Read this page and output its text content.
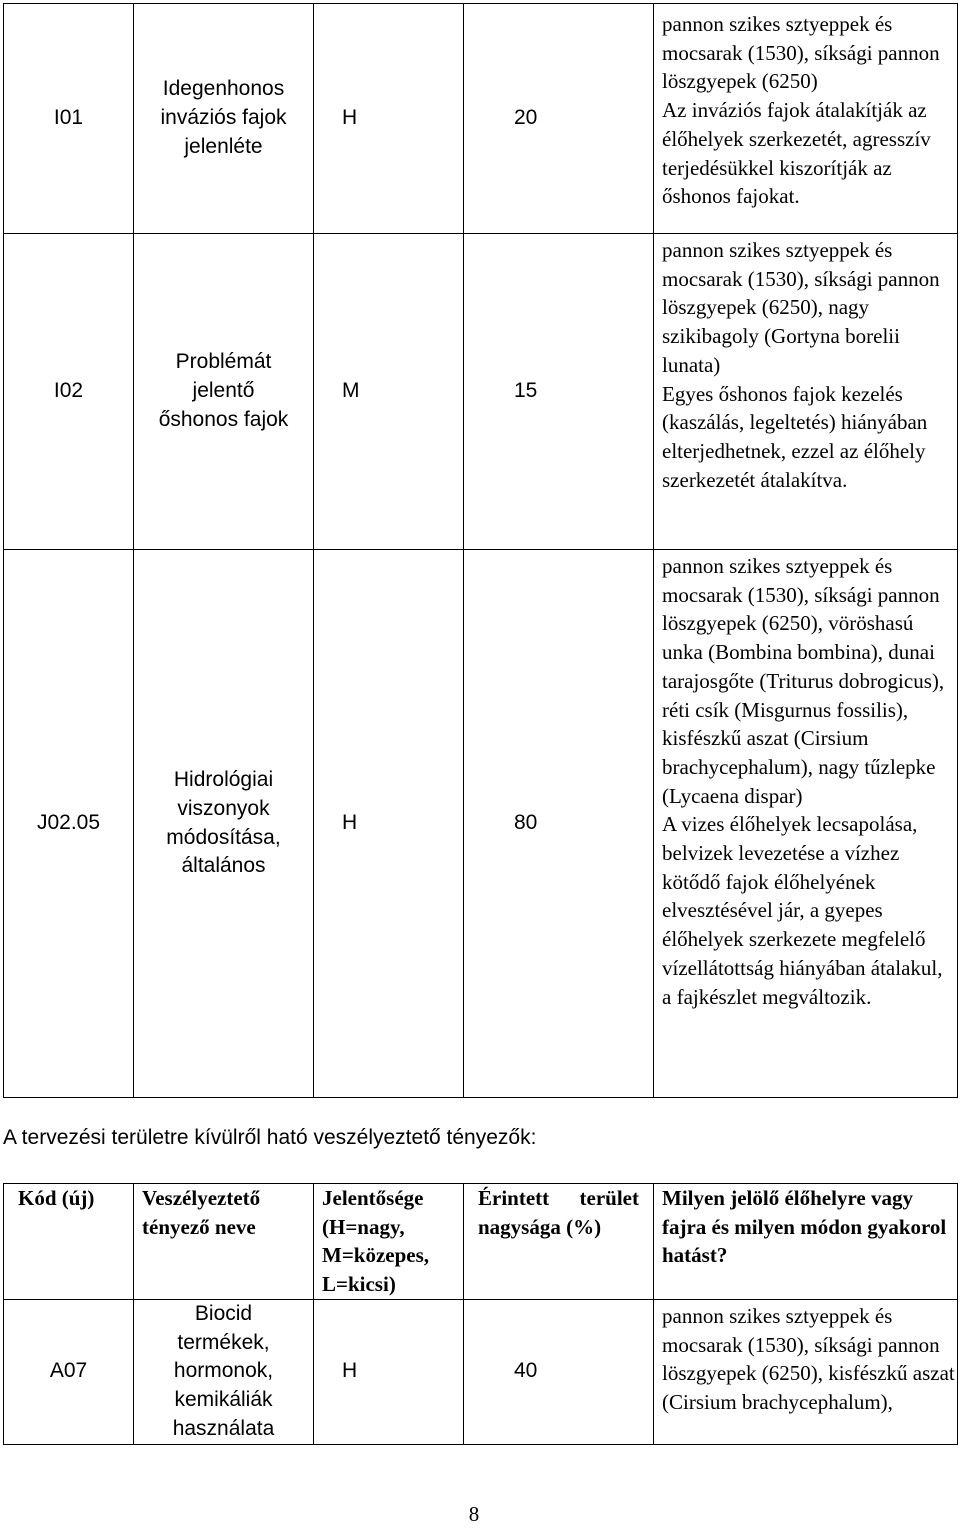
I01	Idegenhonos inváziós fajok jelenléte	H	20	pannon szikes sztyeppek és mocsarak (1530), síksági pannon löszgyepek (6250)
Az inváziós fajok átalakítják az élőhelyek szerkezetét, agresszív terjedésükkel kiszorítják az őshonos fajokat.

I02	Problémát jelentő őshonos fajok	M	15	pannon szikes sztyeppek és mocsarak (1530), síksági pannon löszgyepek (6250), nagy szikibagoly (Gortyna borelii lunata)
Egyes őshonos fajok kezelés (kaszálás, legeltetés) hiányában elterjedhetnek, ezzel az élőhely szerkezetét átalakítva.

J02.05	Hidrológiai viszonyok módosítása, általános	H	80	pannon szikes sztyeppek és mocsarak (1530), síksági pannon löszgyepek (6250), vöröshasú unka (Bombina bombina), dunai tarajosgőte (Triturus dobrogicus), réti csík (Misgurnus fossilis), kisfészkű aszat (Cirsium brachycephalum), nagy tűzlepke (Lycaena dispar)
A vizes élőhelyek lecsapolása, belvizek levezetése a vízhez kötődő fajok élőhelyének elvesztésével jár, a gyepes élőhelyek szerkezete megfelelő vízellátottság hiányában átalakul, a fajkészlet megváltozik.
A tervezési területre kívülről ható veszélyeztető tényezők:
Kód (új)	Veszélyeztető tényező neve	Jelentősége (H=nagy, M=közepes, L=kicsi)	Érintett terület nagysága (%)	Milyen jelölő élőhelyre vagy fajra és milyen módon gyakorol hatást?
A07	Biocid termékek, hormonok, kemikáliák használata	H	40	pannon szikes sztyeppek és mocsarak (1530), síksági pannon löszgyepek (6250), kisfészkű aszat (Cirsium brachycephalum),
8
